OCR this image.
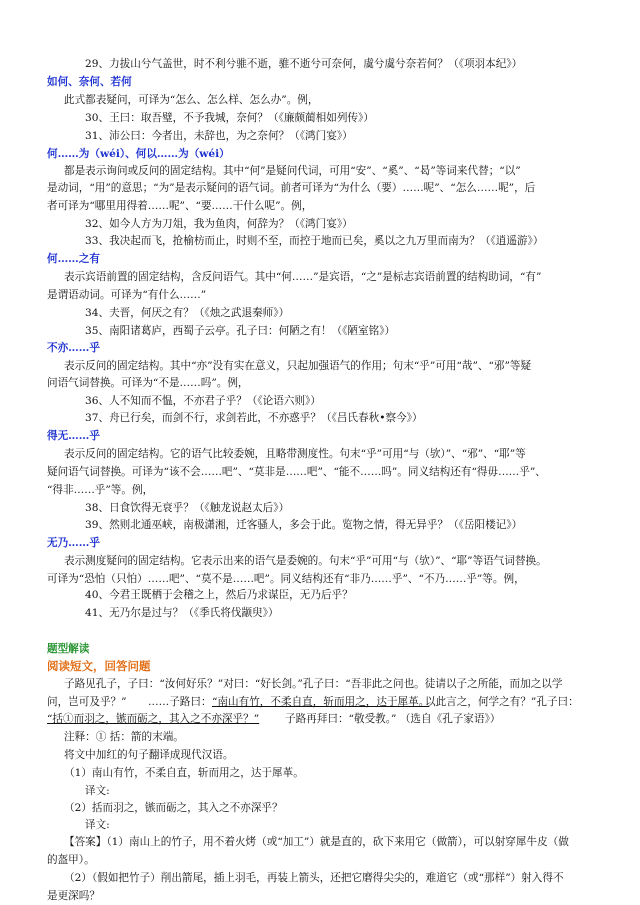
29、力拔山兮气盖世，时不利兮骓不逝，骓不逝兮可奈何，虞兮虞兮奈若何？（《项羽本纪》）
如何、奈何、若何
此式都表疑问，可译为“怎么、怎么样、怎么办”。例，
30、王曰：取吾璧，不予我城，奈何？（《廉颇蔺相如列传》）
31、沛公曰：今者出，未辞也，为之奈何？（《鸿门宴》）
何……为（wéi）、何以……为（wéi）
都是表示询问或反问的固定结构。其中“何”是疑问代词，可用“安”、“奚”、“曷”等词来代替；“以”
是动词，“用”的意思；“为”是表示疑问的语气词。前者可译为“为什么（要）……呢”、“怎么……呢”，后
者可译为“哪里用得着……呢”、“要……干什么呢”。例，
32、如今人方为刀俎，我为鱼肉，何辞为？（《鸿门宴》）
33、我决起而飞，抢榆枋而止，时则不至，而控于地而已矣，奚以之九万里而南为？（《逍遥游》）
何……之有
表示宾语前置的固定结构，含反问语气。其中“何……”是宾语，“之”是标志宾语前置的结构助词，“有”
是谓语动词。可译为“有什么……”
34、夫晋，何厌之有？（《烛之武退秦师》）
35、南阳诸葛庐，西蜀子云亭。孔子曰：何陋之有！（《陋室铭》）
不亦……乎
表示反问的固定结构。其中“亦”没有实在意义，只起加强语气的作用；句末“乎”可用“哉”、“邪”等疑
问语气词替换。可译为“不是……吗”。例，
36、人不知而不愠，不亦君子乎？（《论语六则》）
37、舟已行矣，而剑不行，求剑若此，不亦惑乎？（《吕氏春秋•察今》）
得无……乎
表示反问的固定结构。它的语气比较委婉，且略带测度性。句末“乎”可用“与（欤）”、“邪”、“耶”等
疑问语气词替换。可译为“该不会……吧”、“莫非是……吧”、“能不……吗”。同义结构还有“得毋……乎”、
“得非……乎”等。例，
38、日食饮得无衰乎？（《触龙说赵太后》）
39、然则北通巫峡，南极潇湘，迁客骚人，多会于此。览物之情，得无异乎？（《岳阳楼记》）
无乃……乎
表示测度疑问的固定结构。它表示出来的语气是委婉的。句末“乎”可用“与（欤）”、“耶”等语气词替换。
可译为“恐怕（只怕）……吧”、“莫不是……吧”。同义结构还有“非乃……乎”、“不乃……乎”等。例，
40、今君王既栖于会稽之上，然后乃求谋臣，无乃后乎？
41、无乃尔是过与？（《季氏将伐颛臾》）
题型解读
阅读短文，回答问题
子路见孔子，子曰：“汝何好乐？”对曰：“好长剑。”孔子曰：“吾非此之问也。徒请以子之所能，而加之以学
问，岂可及乎？” ……子路曰： “南山有竹，不柔自直，斩而用之，达于犀革。
以此言之，何学之有？”孔子曰：
“括①而羽之，镞而砺之，其入之不亦深乎？” 子路再拜曰：“敬受教。” （选自《孔子家语》）
注释：① 括：箭的末端。
将文中加红的句子翻译成现代汉语。
（1）南山有竹，不柔自直，斩而用之，达于犀革。
译文:
（2）括而羽之，镞而砺之，其入之不亦深乎？
译文:
【答案】（1）南山上的竹子，用不着火烤（或“加工”）就是直的，砍下来用它（做箭），可以射穿犀牛皮（做
的盔甲）。
（2）（假如把竹子）削出箭尾，插上羽毛，再装上箭头，还把它磨得尖尖的，难道它（或“那样”）射入得不
是更深吗？
